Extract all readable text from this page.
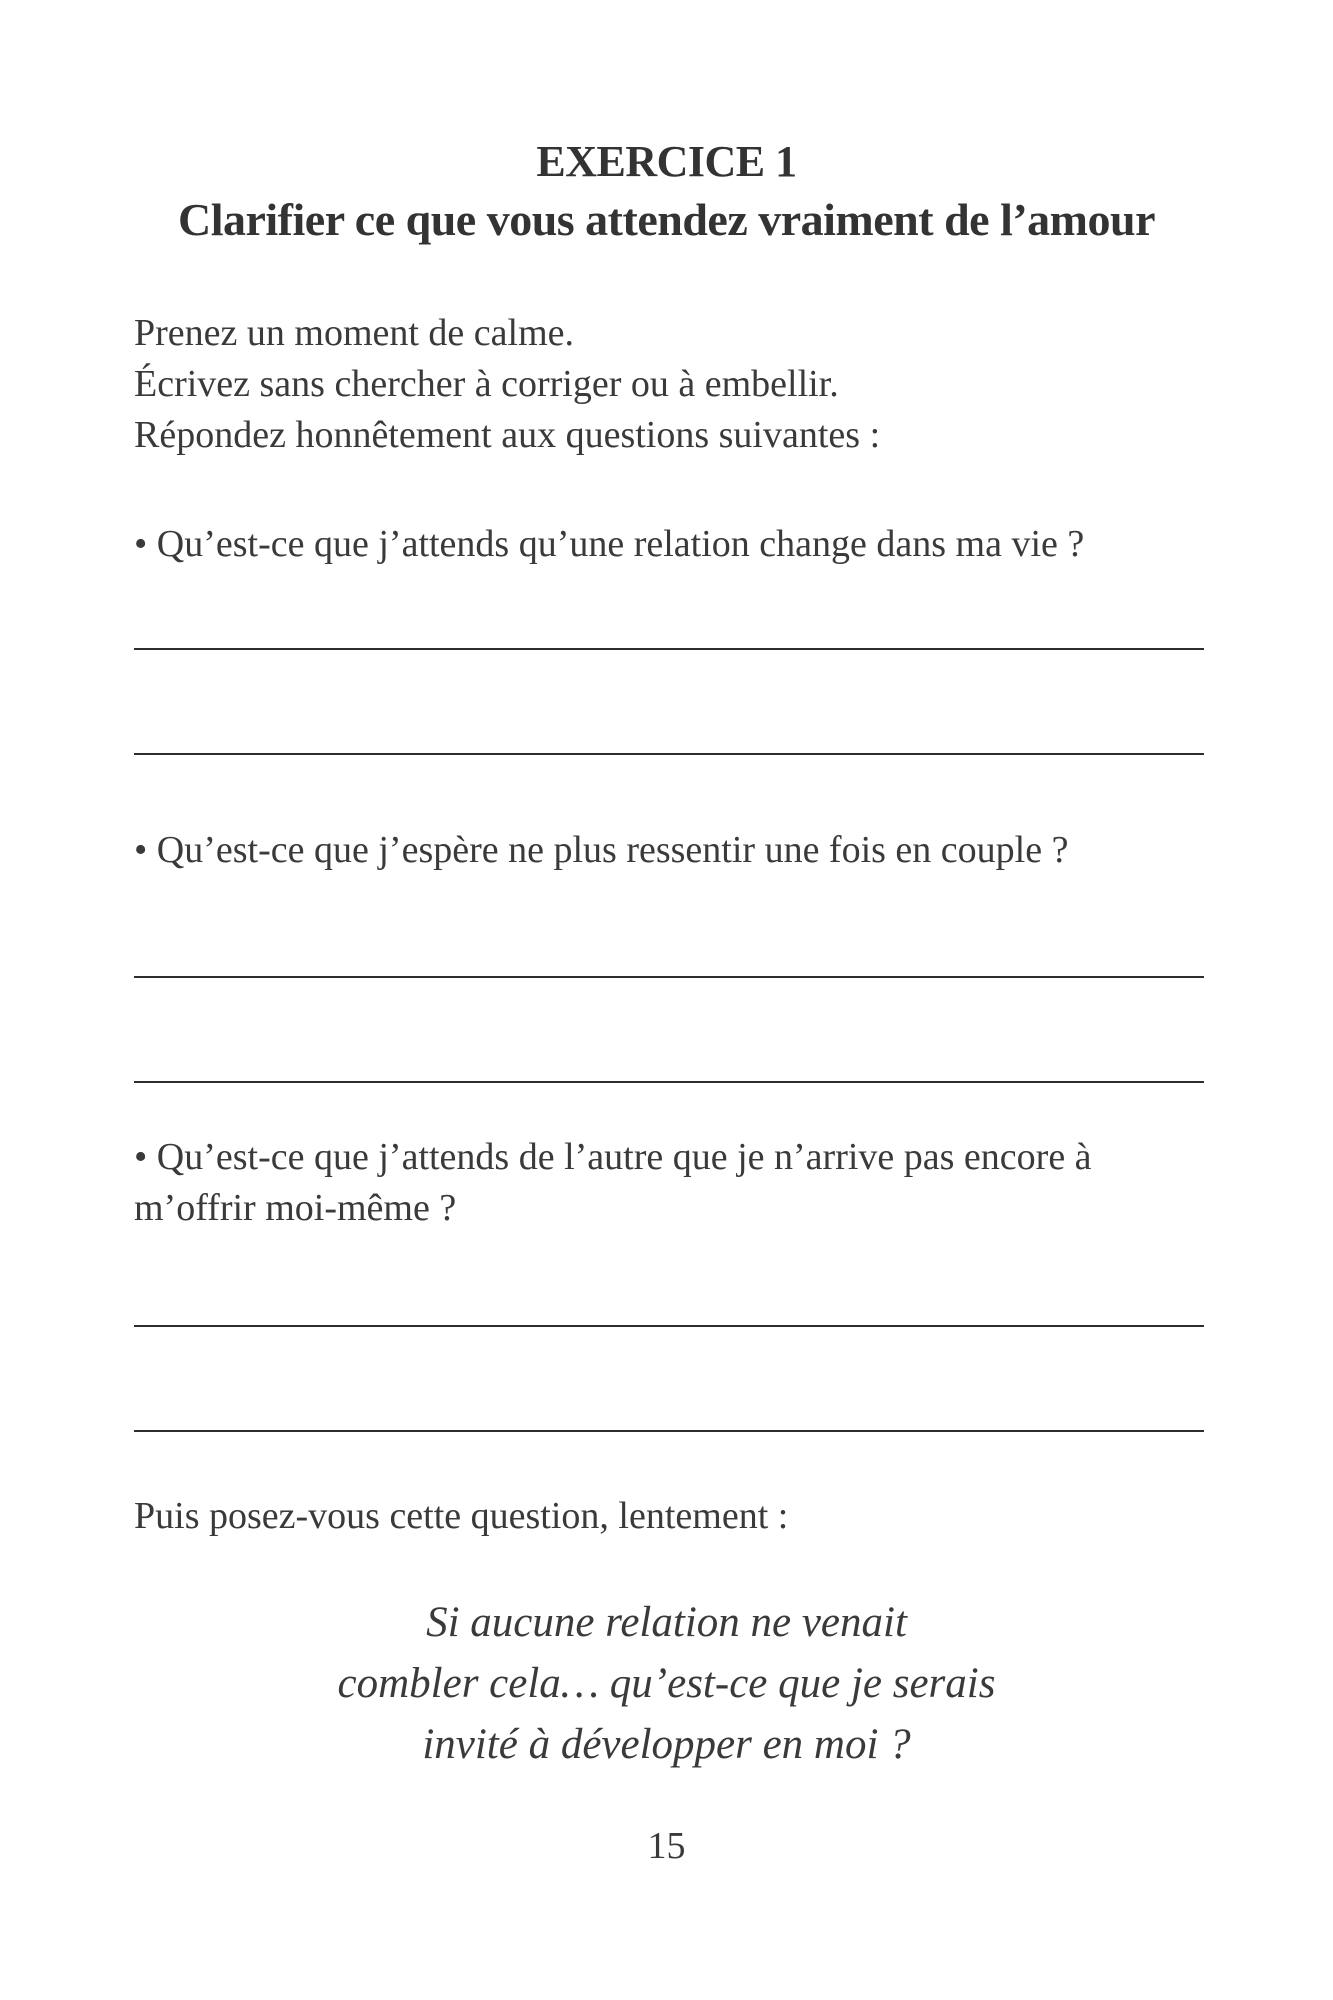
EXERCICE 1
Clarifier ce que vous attendez vraiment de l’amour
Prenez un moment de calme.
Écrivez sans chercher à corriger ou à embellir.
Répondez honnêtement aux questions suivantes :
• Qu’est-ce que j’attends qu’une relation change dans ma vie ?
• Qu’est-ce que j’espère ne plus ressentir une fois en couple ?
• Qu’est-ce que j’attends de l’autre que je n’arrive pas encore à
m’offrir moi-même ?
Puis posez-vous cette question, lentement :
Si aucune relation ne venait
combler cela… qu’est-ce que je serais
invité à développer en moi ?
15
